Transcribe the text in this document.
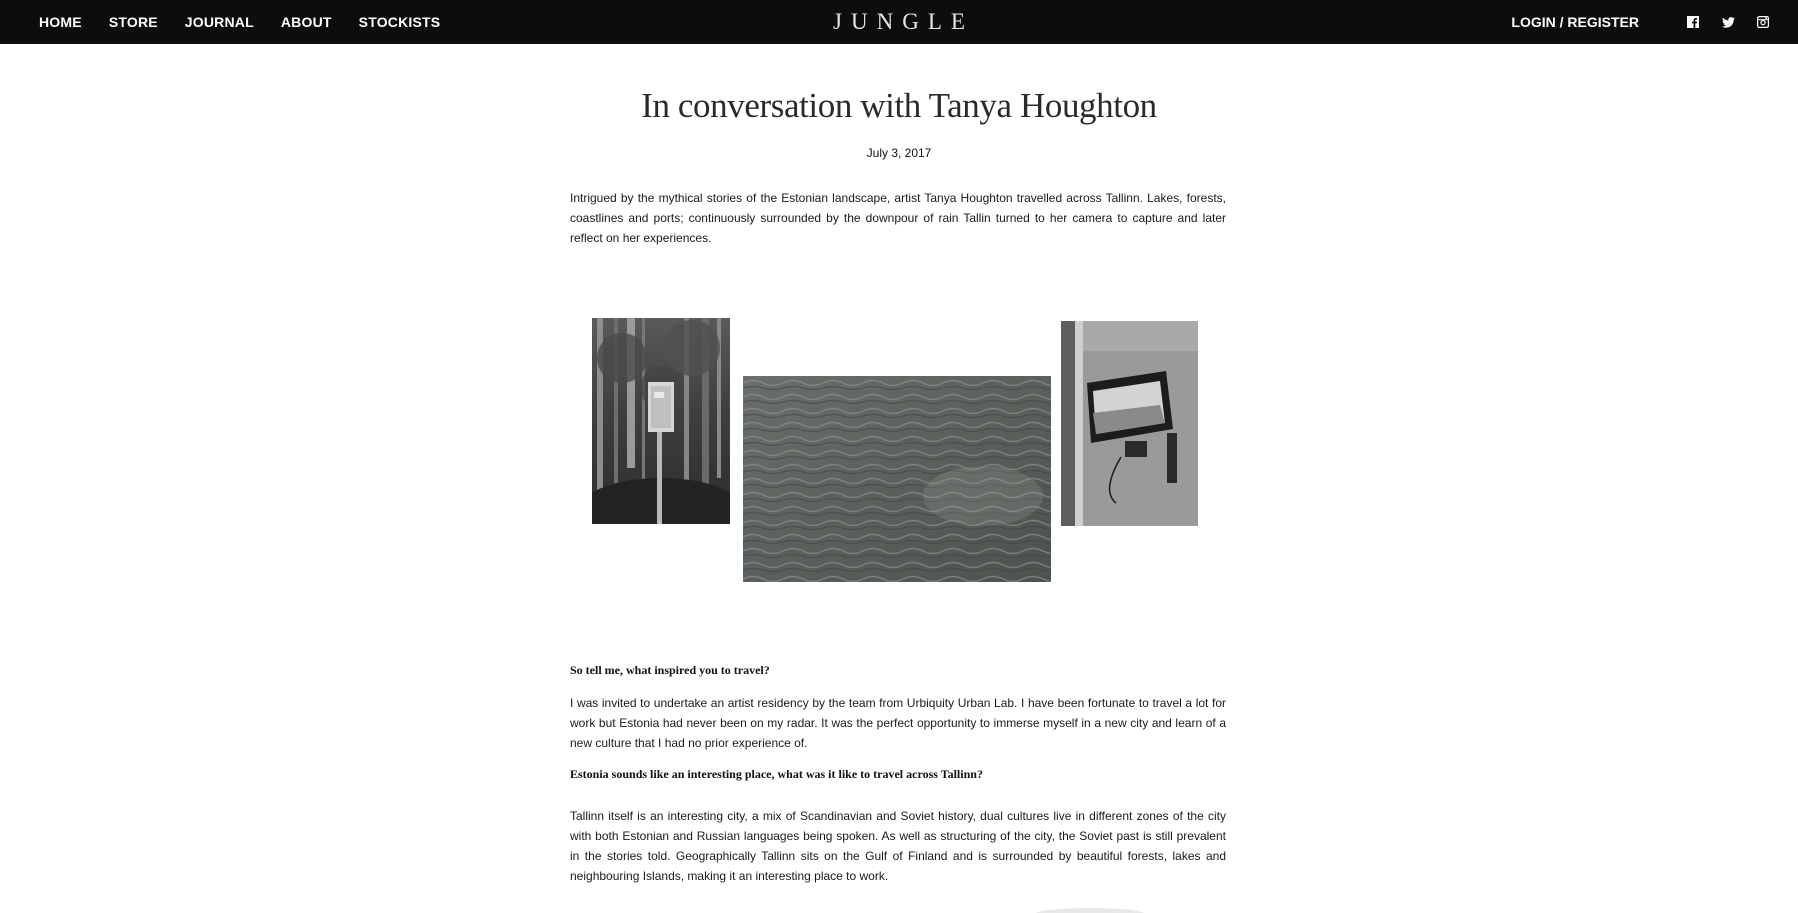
HOME STORE JOURNAL ABOUT STOCKISTS	JUNGLE	LOGIN / REGISTER
In conversation with Tanya Houghton
July 3, 2017

Intrigued by the mythical stories of the Estonian landscape, artist Tanya Houghton travelled across Tallinn. Lakes, forests, coastlines and ports; continuously surrounded by the downpour of rain Tallin turned to her camera to capture and later reflect on her experiences.

So tell me, what inspired you to travel?

I was invited to undertake an artist residency by the team from Urbiquity Urban Lab. I have been fortunate to travel a lot for work but Estonia had never been on my radar. It was the perfect opportunity to immerse myself in a new city and learn of a new culture that I had no prior experience of.

Estonia sounds like an interesting place, what was it like to travel across Tallinn?

Tallinn itself is an interesting city, a mix of Scandinavian and Soviet history, dual cultures live in different zones of the city with both Estonian and Russian languages being spoken. As well as structuring of the city, the Soviet past is still prevalent in the stories told. Geographically Tallinn sits on the Gulf of Finland and is surrounded by beautiful forests, lakes and neighbouring Islands, making it an interesting place to work.
